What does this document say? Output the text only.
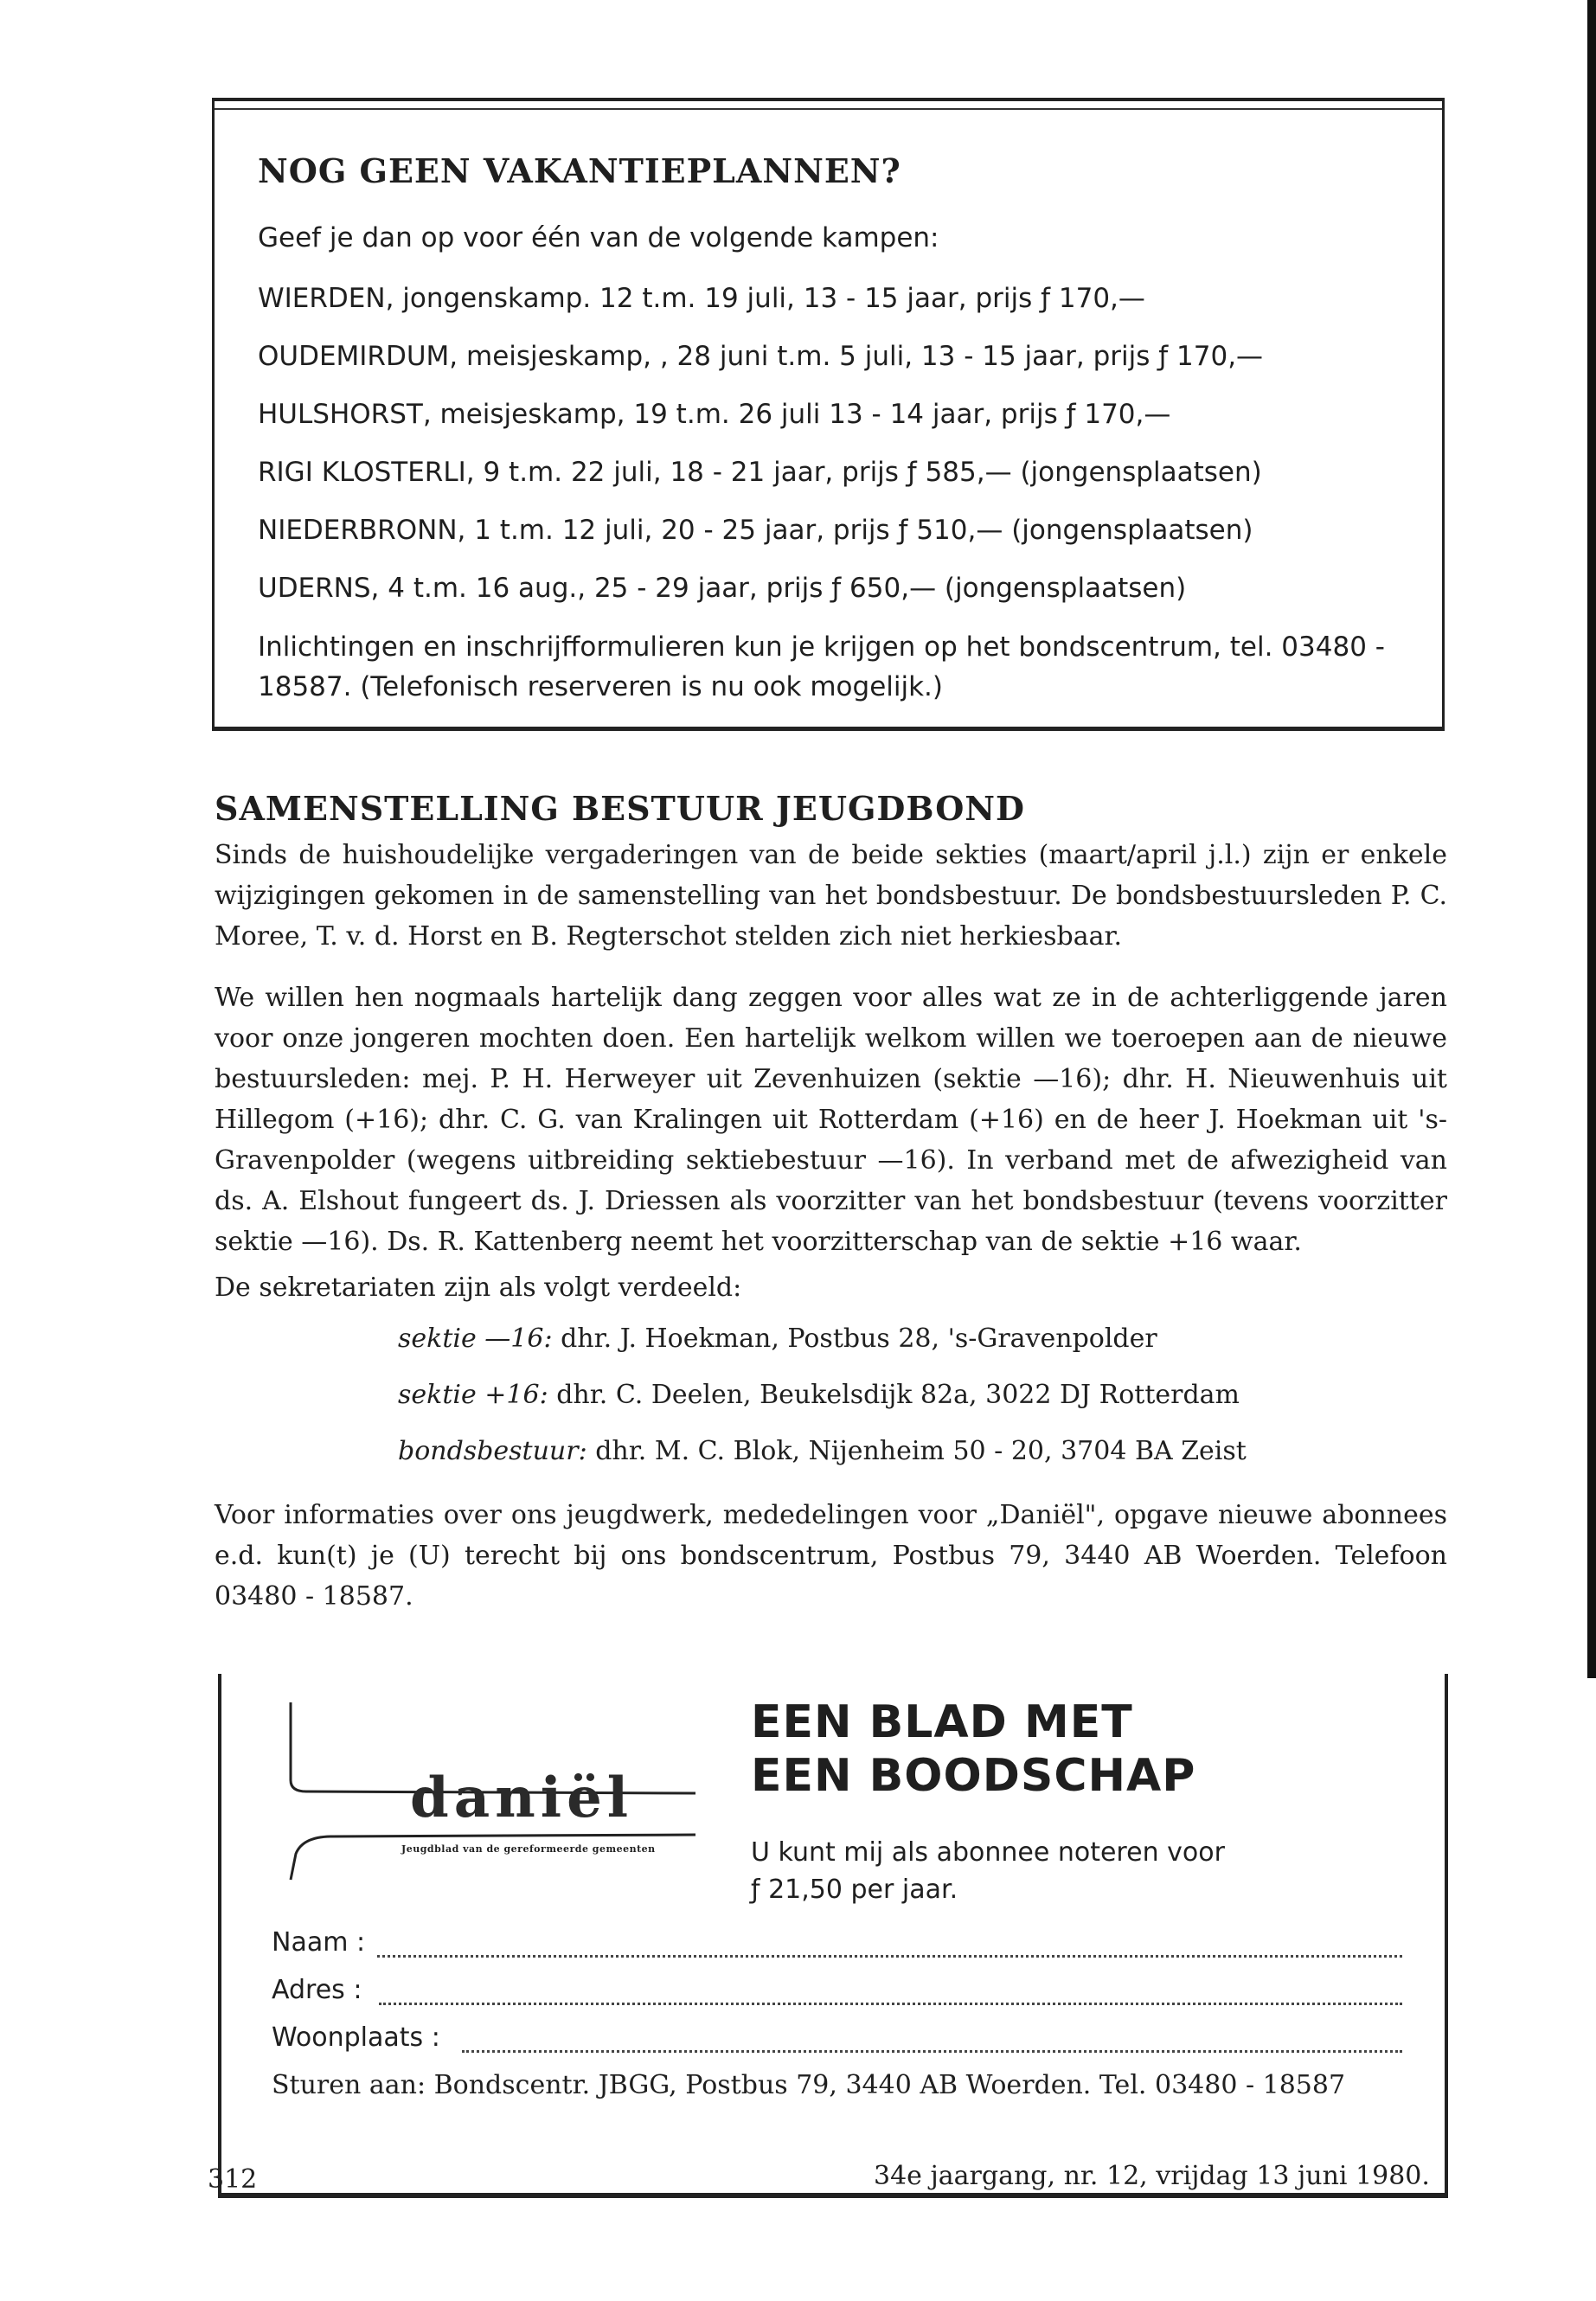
NOG GEEN VAKANTIEPLANNEN?
Geef je dan op voor één van de volgende kampen:
WIERDEN, jongenskamp. 12 t.m. 19 juli, 13 - 15 jaar, prijs ƒ 170,—
OUDEMIRDUM, meisjeskamp, , 28 juni t.m. 5 juli, 13 - 15 jaar, prijs ƒ 170,—
HULSHORST, meisjeskamp, 19 t.m. 26 juli 13 - 14 jaar, prijs ƒ 170,—
RIGI KLOSTERLI, 9 t.m. 22 juli, 18 - 21 jaar, prijs ƒ 585,— (jongensplaatsen)
NIEDERBRONN, 1 t.m. 12 juli, 20 - 25 jaar, prijs ƒ 510,— (jongensplaatsen)
UDERNS, 4 t.m. 16 aug., 25 - 29 jaar, prijs ƒ 650,— (jongensplaatsen)
Inlichtingen en inschrijfformulieren kun je krijgen op het bondscentrum, tel. 03480 - 18587. (Telefonisch reserveren is nu ook mogelijk.)
SAMENSTELLING BESTUUR JEUGDBOND

Sinds de huishoudelijke vergaderingen van de beide sekties (maart/april j.l.) zijn er enkele wijzigingen gekomen in de samenstelling van het bondsbestuur. De bondsbestuursleden P. C. Moree, T. v. d. Horst en B. Regterschot stelden zich niet herkiesbaar.

We willen hen nogmaals hartelijk dang zeggen voor alles wat ze in de achterliggende jaren voor onze jongeren mochten doen. Een hartelijk welkom willen we toeroepen aan de nieuwe bestuursleden: mej. P. H. Herweyer uit Zevenhuizen (sektie —16); dhr. H. Nieuwenhuis uit Hillegom (+16); dhr. C. G. van Kralingen uit Rotterdam (+16) en de heer J. Hoekman uit 's-Gravenpolder (wegens uitbreiding sektiebestuur —16). In verband met de afwezigheid van ds. A. Elshout fungeert ds. J. Driessen als voorzitter van het bondsbestuur (tevens voorzitter sektie —16). Ds. R. Kattenberg neemt het voorzitterschap van de sektie +16 waar.

De sekretariaten zijn als volgt verdeeld:

sektie —16: dhr. J. Hoekman, Postbus 28, 's-Gravenpolder
sektie +16: dhr. C. Deelen, Beukelsdijk 82a, 3022 DJ Rotterdam
bondsbestuur: dhr. M. C. Blok, Nijenheim 50 - 20, 3704 BA Zeist

Voor informaties over ons jeugdwerk, mededelingen voor „Daniël", opgave nieuwe abonnees e.d. kun(t) je (U) terecht bij ons bondscentrum, Postbus 79, 3440 AB Woerden. Telefoon 03480 - 18587.

daniël
Jeugdblad van de gereformeerde gemeenten
EEN BLAD MET
EEN BOODSCHAP
U kunt mij als abonnee noteren voor
ƒ 21,50 per jaar.
Naam :
Adres :
Woonplaats :
Sturen aan: Bondscentr. JBGG, Postbus 79, 3440 AB Woerden. Tel. 03480 - 18587
312	34e jaargang, nr. 12, vrijdag 13 juni 1980.
